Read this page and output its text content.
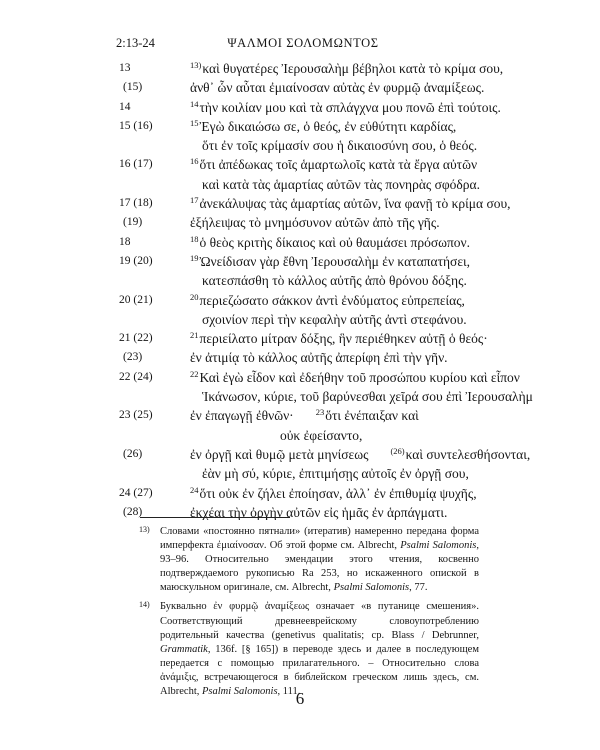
2:13-24	ΨΑΛΜΟΙ ΣΟΛΟΜΩΝΤΟΣ
13	$^{13)}$καὶ θυγατέρες Ἰερουσαλὴμ βέβηλοι κατὰ τὸ κρίμα σου,
(15)	ἀνθ᾿ ὧν αὗται ἐμιαίνοσαν αὐτὰς ἐν φυρμῷ ἀναμίξεως.
14	$^{14}$τὴν κοιλίαν μου καὶ τὰ σπλάγχνα μου πονῶ ἐπὶ τούτοις.
15 (16)	$^{15}$Ἐγὼ δικαιώσω σε, ὁ θεός, ἐν εὐθύτητι καρδίας,
ὅτι ἐν τοῖς κρίμασίν σου ἡ δικαιοσύνη σου, ὁ θεός.
16 (17)	$^{16}$ὅτι ἀπέδωκας τοῖς ἁμαρτωλοῖς κατὰ τὰ ἔργα αὐτῶν
καὶ κατὰ τὰς ἁμαρτίας αὐτῶν τὰς πονηρὰς σφόδρα.
17 (18)	$^{17}$ἀνεκάλυψας τὰς ἁμαρτίας αὐτῶν, ἵνα φανῇ τὸ κρίμα σου,
(19)	ἐξήλειψας τὸ μνημόσυνον αὐτῶν ἀπὸ τῆς γῆς.
18	$^{18}$ὁ θεὸς κριτὴς δίκαιος καὶ οὐ θαυμάσει πρόσωπον.
19 (20)	$^{19}$Ὠνείδισαν γὰρ ἔθνη Ἰερουσαλὴμ ἐν καταπατήσει,
κατεσπάσθη τὸ κάλλος αὐτῆς ἀπὸ θρόνου δόξης.
20 (21)	$^{20}$περιεζώσατο σάκκον ἀντὶ ἐνδύματος εὐπρεπείας,
σχοινίον περὶ τὴν κεφαλὴν αὐτῆς ἀντὶ στεφάνου.
21 (22)	$^{21}$περιείλατο μίτραν δόξης, ἣν περιέθηκεν αὐτῇ ὁ θεός·
(23)	ἐν ἀτιμίᾳ τὸ κάλλος αὐτῆς ἀπερίφη ἐπὶ τὴν γῆν.
22 (24)	$^{22}$Καὶ ἐγὼ εἶδον καὶ ἐδεήθην τοῦ προσώπου κυρίου καὶ εἶπον
Ἱκάνωσον, κύριε, τοῦ βαρύνεσθαι χεῖρά σου ἐπὶ Ἰερουσαλὴμ
23 (25)	ἐν ἐπαγωγῇ ἐθνῶν·	$^{23}$ὅτι ἐνέπαιξαν καὶ
οὐκ ἐφείσαντο,
(26)	ἐν ὀργῇ καὶ θυμῷ μετὰ μηνίσεως	$^{(26)}$καὶ συντελεσθήσονται,
ἐὰν μὴ σύ, κύριε, ἐπιτιμήσῃς αὐτοῖς ἐν ὀργῇ σου,
24 (27)	$^{24}$ὅτι οὐκ ἐν ζήλει ἐποίησαν, ἀλλ᾿ ἐν ἐπιθυμίᾳ ψυχῆς,
(28)	ἐκχέαι τὴν ὀργὴν αὐτῶν εἰς ἡμᾶς ἐν ἁρπάγματι.
13) Словами «постоянно пятнали» (итератив) намеренно передана форма имперфекта ἐμιαίνοσαν. Об этой форме см. Albrecht, Psalmi Salomonis, 93–96. Относительно эмендации этого чтения, косвенно подтверждаемого рукописью Ra 253, но искаженного опиской в маюскульном оригинале, см. Albrecht, Psalmi Salomonis, 77.
14) Буквально ἐν φυρμῷ ἀναμίξεως означает «в путанице смешения». Соответствующий древнееврейскому словоупотреблению родительный качества (genetivus qualitatis; ср. Blass / Debrunner, Grammatik, 136f. [§ 165]) в переводе здесь и далее в последующем передается с помощью прилагательного. – Относительно слова ἀνάμιξις, встречающегося в библейском греческом лишь здесь, см. Albrecht, Psalmi Salomonis, 111.
6
